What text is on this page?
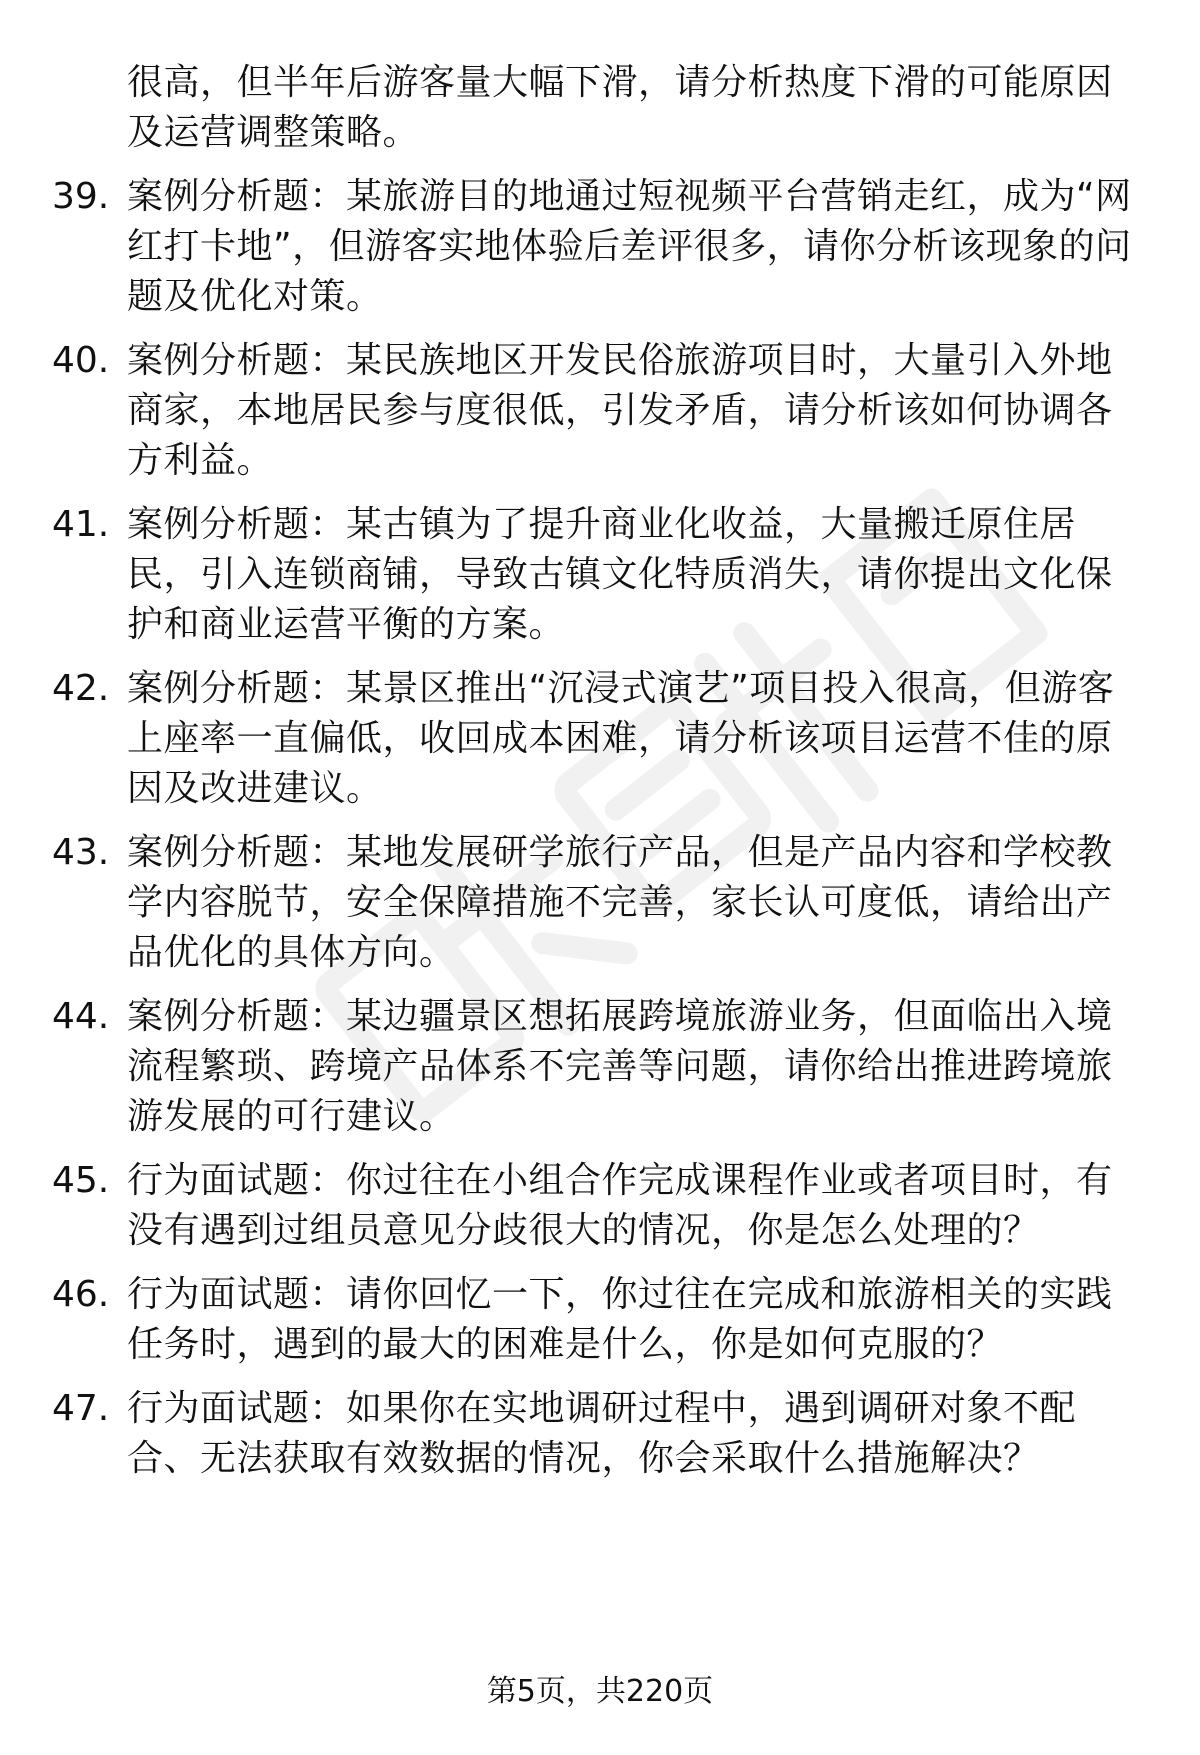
很高，但半年后游客量大幅下滑，请分析热度下滑的可能原因及运营调整策略。
39. 案例分析题：某旅游目的地通过短视频平台营销走红，成为“网红打卡地”，但游客实地体验后差评很多，请你分析该现象的问题及优化对策。
40. 案例分析题：某民族地区开发民俗旅游项目时，大量引入外地商家，本地居民参与度很低，引发矛盾，请分析该如何协调各方利益。
41. 案例分析题：某古镇为了提升商业化收益，大量搬迁原住居民，引入连锁商铺，导致古镇文化特质消失，请你提出文化保护和商业运营平衡的方案。
42. 案例分析题：某景区推出“沉浸式演艺”项目投入很高，但游客上座率一直偏低，收回成本困难，请分析该项目运营不佳的原因及改进建议。
43. 案例分析题：某地发展研学旅行产品，但是产品内容和学校教学内容脱节，安全保障措施不完善，家长认可度低，请给出产品优化的具体方向。
44. 案例分析题：某边疆景区想拓展跨境旅游业务，但面临出入境流程繁琐、跨境产品体系不完善等问题，请你给出推进跨境旅游发展的可行建议。
45. 行为面试题：你过往在小组合作完成课程作业或者项目时，有没有遇到过组员意见分歧很大的情况，你是怎么处理的？
46. 行为面试题：请你回忆一下，你过往在完成和旅游相关的实践任务时，遇到的最大的困难是什么，你是如何克服的？
47. 行为面试题：如果你在实地调研过程中，遇到调研对象不配合、无法获取有效数据的情况，你会采取什么措施解决？
第5页，共220页
